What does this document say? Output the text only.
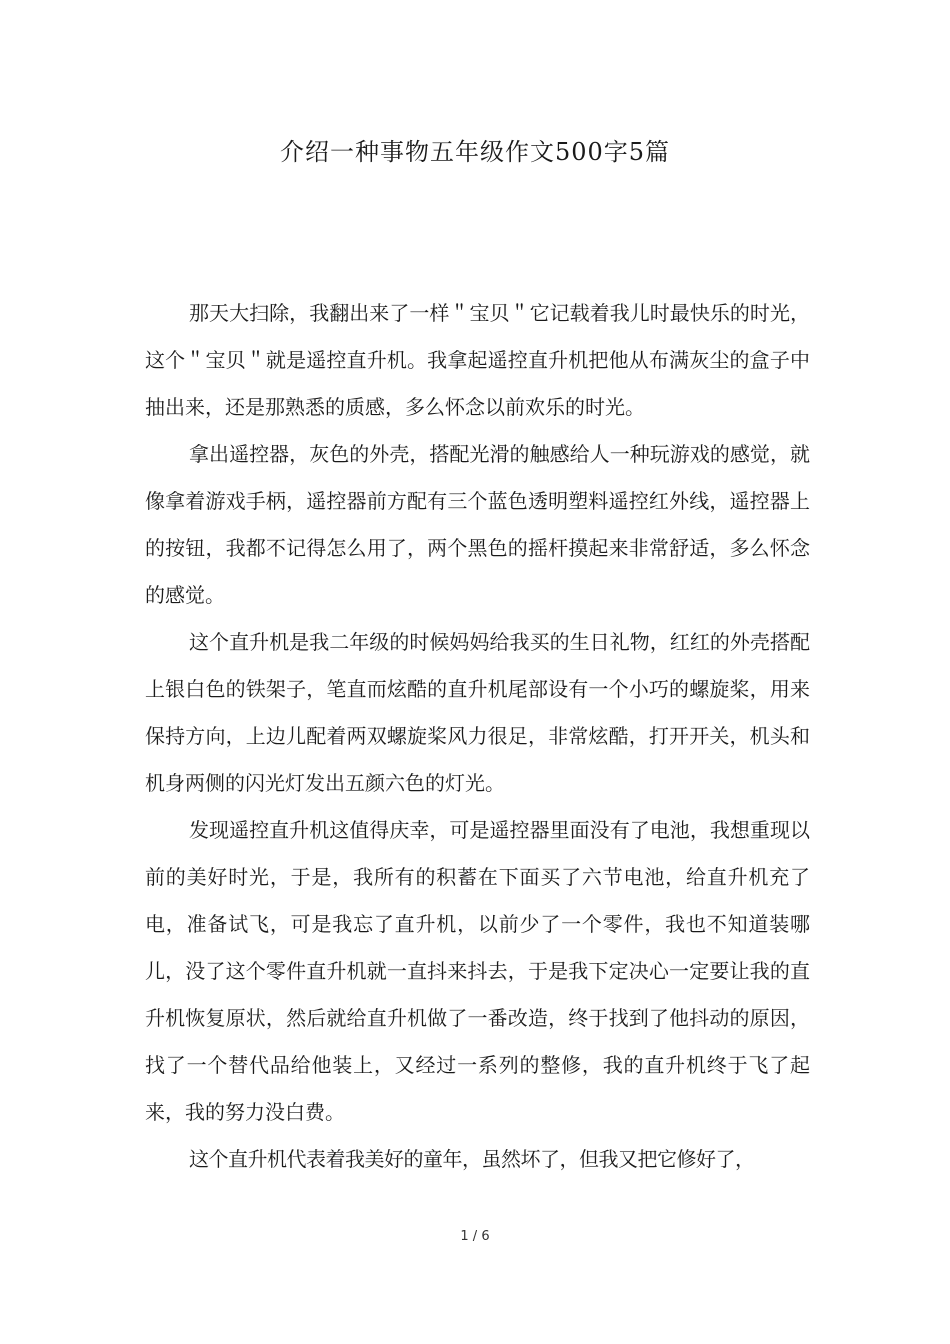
介绍一种事物五年级作文500字5篇

那天大扫除，我翻出来了一样＂宝贝＂它记载着我儿时最快乐的时光，这个＂宝贝＂就是遥控直升机。我拿起遥控直升机把他从布满灰尘的盒子中抽出来，还是那熟悉的质感，多么怀念以前欢乐的时光。

拿出遥控器，灰色的外壳，搭配光滑的触感给人一种玩游戏的感觉，就像拿着游戏手柄，遥控器前方配有三个蓝色透明塑料遥控红外线，遥控器上的按钮，我都不记得怎么用了，两个黑色的摇杆摸起来非常舒适，多么怀念的感觉。

这个直升机是我二年级的时候妈妈给我买的生日礼物，红红的外壳搭配上银白色的铁架子，笔直而炫酷的直升机尾部设有一个小巧的螺旋桨，用来保持方向，上边儿配着两双螺旋桨风力很足，非常炫酷，打开开关，机头和机身两侧的闪光灯发出五颜六色的灯光。

发现遥控直升机这值得庆幸，可是遥控器里面没有了电池，我想重现以前的美好时光，于是，我所有的积蓄在下面买了六节电池，给直升机充了电，准备试飞，可是我忘了直升机，以前少了一个零件，我也不知道装哪儿，没了这个零件直升机就一直抖来抖去，于是我下定决心一定要让我的直升机恢复原状，然后就给直升机做了一番改造，终于找到了他抖动的原因，找了一个替代品给他装上，又经过一系列的整修，我的直升机终于飞了起来，我的努力没白费。

这个直升机代表着我美好的童年，虽然坏了，但我又把它修好了，

1 / 6
